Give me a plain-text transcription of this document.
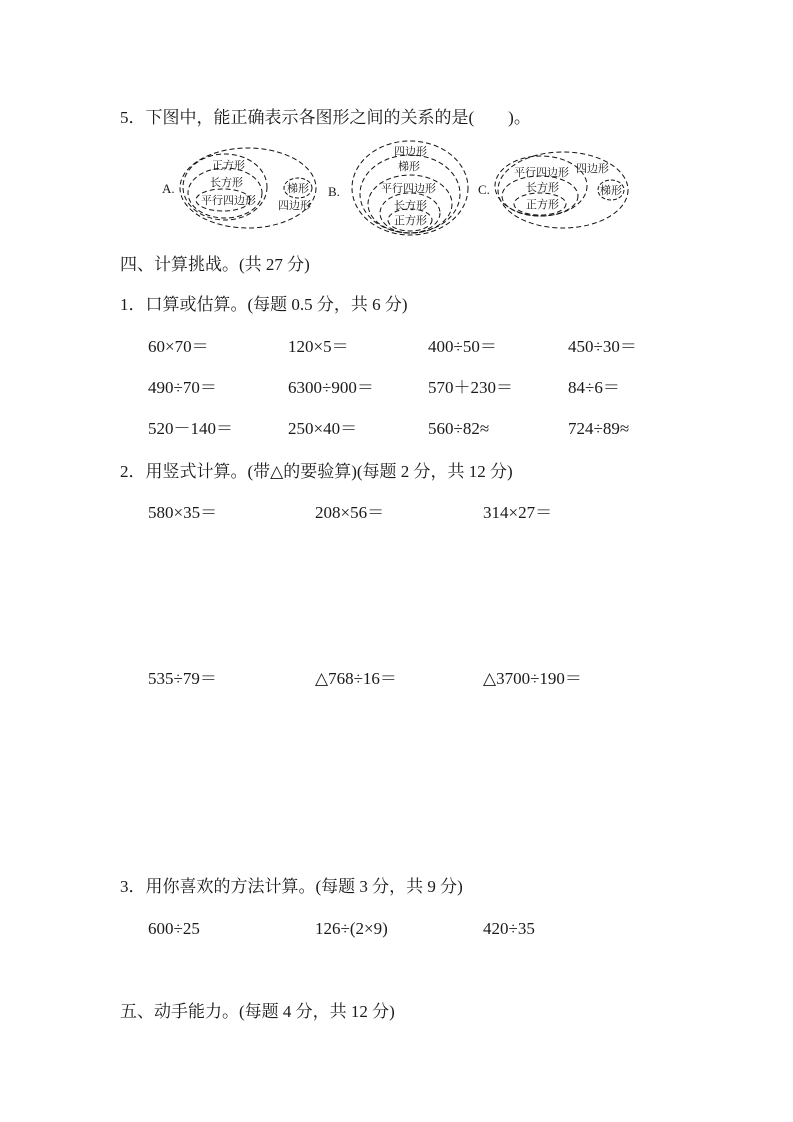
5．下图中，能正确表示各图形之间的关系的是(　　)。
A.
正方形
长方形
平行四边形
梯形
四边形
B.
四边形
梯形
平行四边形
长方形
正方形
C.
平行四边形
长方形
正方形
四边形
梯形
四、计算挑战。(共 27 分)
1．口算或估算。(每题 0.5 分，共 6 分)
60×70＝	120×5＝	400÷50＝	450÷30＝
490÷70＝	6300÷900＝	570＋230＝	84÷6＝
520－140＝	250×40＝	560÷82≈	724÷89≈
2．用竖式计算。(带△的要验算)(每题 2 分，共 12 分)
580×35＝	208×56＝	314×27＝
535÷79＝	△768÷16＝	△3700÷190＝
3．用你喜欢的方法计算。(每题 3 分，共 9 分)
600÷25	126÷(2×9)	420÷35
五、动手能力。(每题 4 分，共 12 分)
